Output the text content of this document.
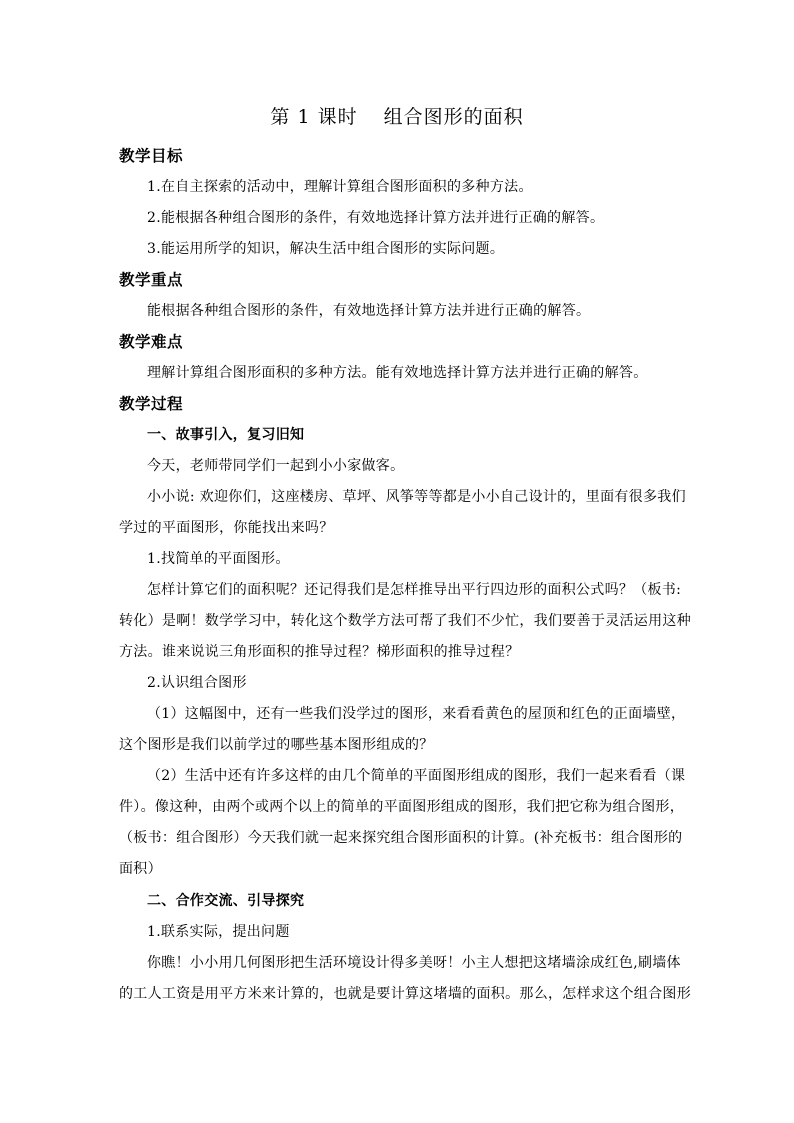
第 1 课时 组合图形的面积
教学目标
1.在自主探索的活动中，理解计算组合图形面积的多种方法。
2.能根据各种组合图形的条件，有效地选择计算方法并进行正确的解答。
3.能运用所学的知识，解决生活中组合图形的实际问题。
教学重点
能根据各种组合图形的条件，有效地选择计算方法并进行正确的解答。
教学难点
理解计算组合图形面积的多种方法。能有效地选择计算方法并进行正确的解答。
教学过程
一、故事引入，复习旧知
今天，老师带同学们一起到小小家做客。
小小说: 欢迎你们，这座楼房、草坪、风筝等等都是小小自己设计的，里面有很多我们
学过的平面图形，你能找出来吗？
1.找简单的平面图形。
怎样计算它们的面积呢？还记得我们是怎样推导出平行四边形的面积公式吗？（板书:
转化）是啊！数学学习中，转化这个数学方法可帮了我们不少忙，我们要善于灵活运用这种
方法。谁来说说三角形面积的推导过程？梯形面积的推导过程？
2.认识组合图形
（1）这幅图中，还有一些我们没学过的图形，来看看黄色的屋顶和红色的正面墙壁，
这个图形是我们以前学过的哪些基本图形组成的？
（2）生活中还有许多这样的由几个简单的平面图形组成的图形，我们一起来看看（课
件）。像这种，由两个或两个以上的简单的平面图形组成的图形，我们把它称为组合图形，
（板书：组合图形）今天我们就一起来探究组合图形面积的计算。(补充板书：组合图形的
面积）
二、合作交流、引导探究
1.联系实际，提出问题
你瞧！小小用几何图形把生活环境设计得多美呀！小主人想把这堵墙涂成红色,刷墙体
的工人工资是用平方米来计算的，也就是要计算这堵墙的面积。那么，怎样求这个组合图形
